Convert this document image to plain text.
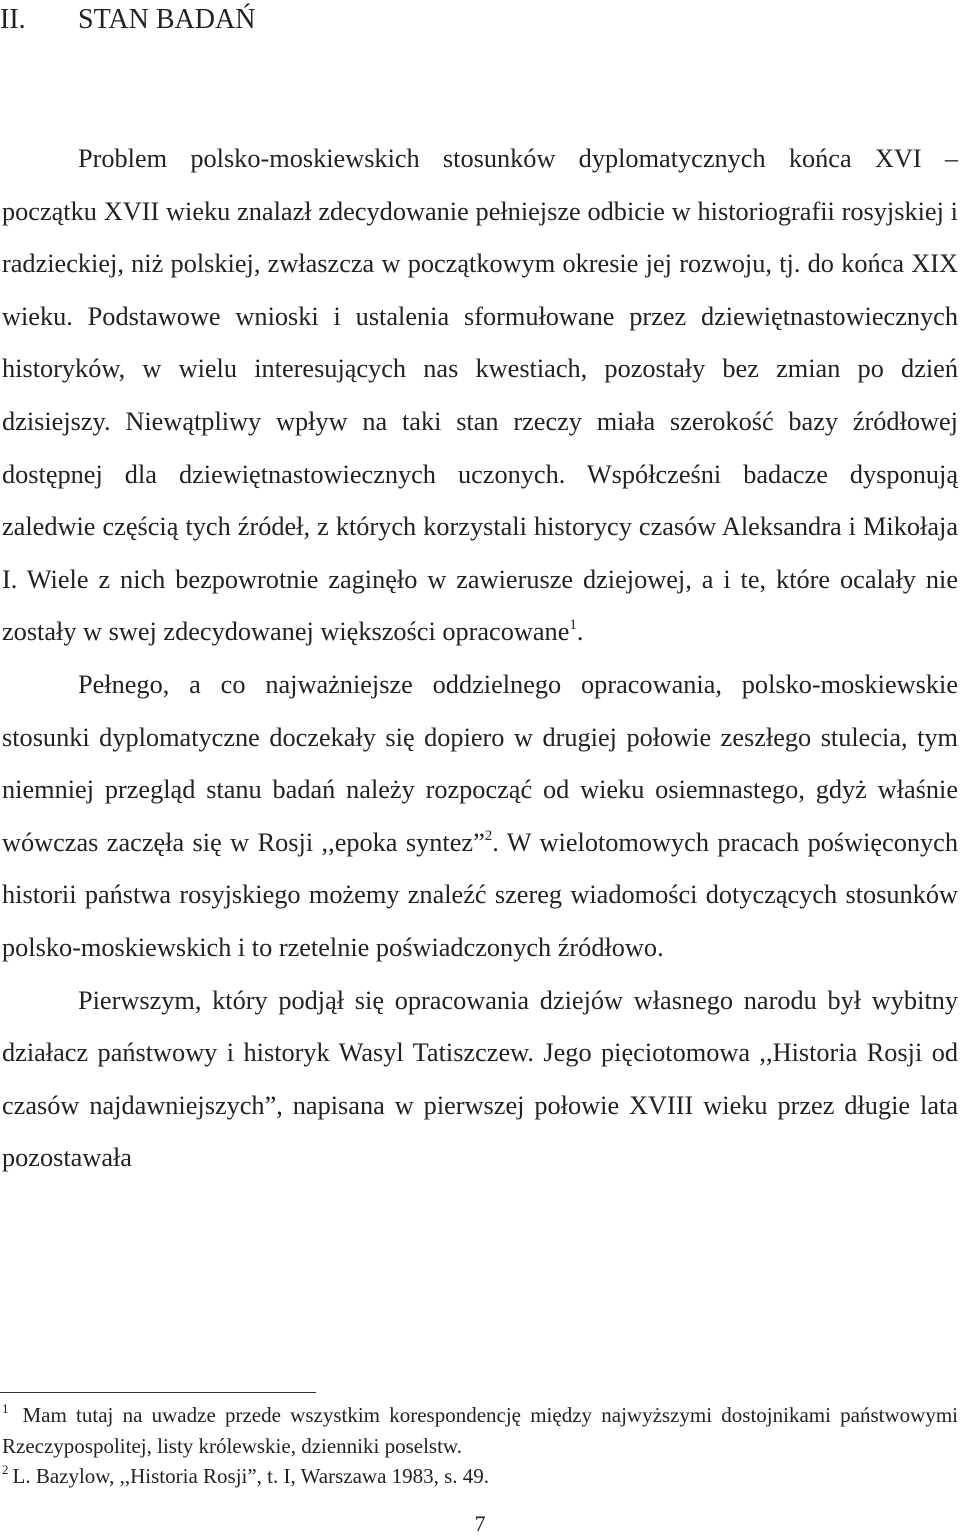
II. STAN BADAŃ

Problem polsko-moskiewskich stosunków dyplomatycznych końca XVI – początku XVII wieku znalazł zdecydowanie pełniejsze odbicie w historiografii rosyjskiej i radzieckiej, niż polskiej, zwłaszcza w początkowym okresie jej rozwoju, tj. do końca XIX wieku. Podstawowe wnioski i ustalenia sformułowane przez dziewiętnastowiecznych historyków, w wielu interesujących nas kwestiach, pozostały bez zmian po dzień dzisiejszy. Niewątpliwy wpływ na taki stan rzeczy miała szerokość bazy źródłowej dostępnej dla dziewiętnastowiecznych uczonych. Współcześni badacze dysponują zaledwie częścią tych źródeł, z których korzystali historycy czasów Aleksandra i Mikołaja I. Wiele z nich bezpowrotnie zaginęło w zawierusze dziejowej, a i te, które ocalały nie zostały w swej zdecydowanej większości opracowane$^1$.

Pełnego, a co najważniejsze oddzielnego opracowania, polsko-moskiewskie stosunki dyplomatyczne doczekały się dopiero w drugiej połowie zeszłego stulecia, tym niemniej przegląd stanu badań należy rozpocząć od wieku osiemnastego, gdyż właśnie wówczas zaczęła się w Rosji ,,epoka syntez”$^2$. W wielotomowych pracach poświęconych historii państwa rosyjskiego możemy znaleźć szereg wiadomości dotyczących stosunków polsko-moskiewskich i to rzetelnie poświadczonych źródłowo.

Pierwszym, który podjął się opracowania dziejów własnego narodu był wybitny działacz państwowy i historyk Wasyl Tatiszczew. Jego pięciotomowa ,,Historia Rosji od czasów najdawniejszych”, napisana w pierwszej połowie XVIII wieku przez długie lata pozostawała

$^1$ Mam tutaj na uwadze przede wszystkim korespondencję między najwyższymi dostojnikami państwowymi Rzeczypospolitej, listy królewskie, dzienniki poselstw.

$^2$ L. Bazylow, ,,Historia Rosji”, t. I, Warszawa 1983, s. 49.

7
